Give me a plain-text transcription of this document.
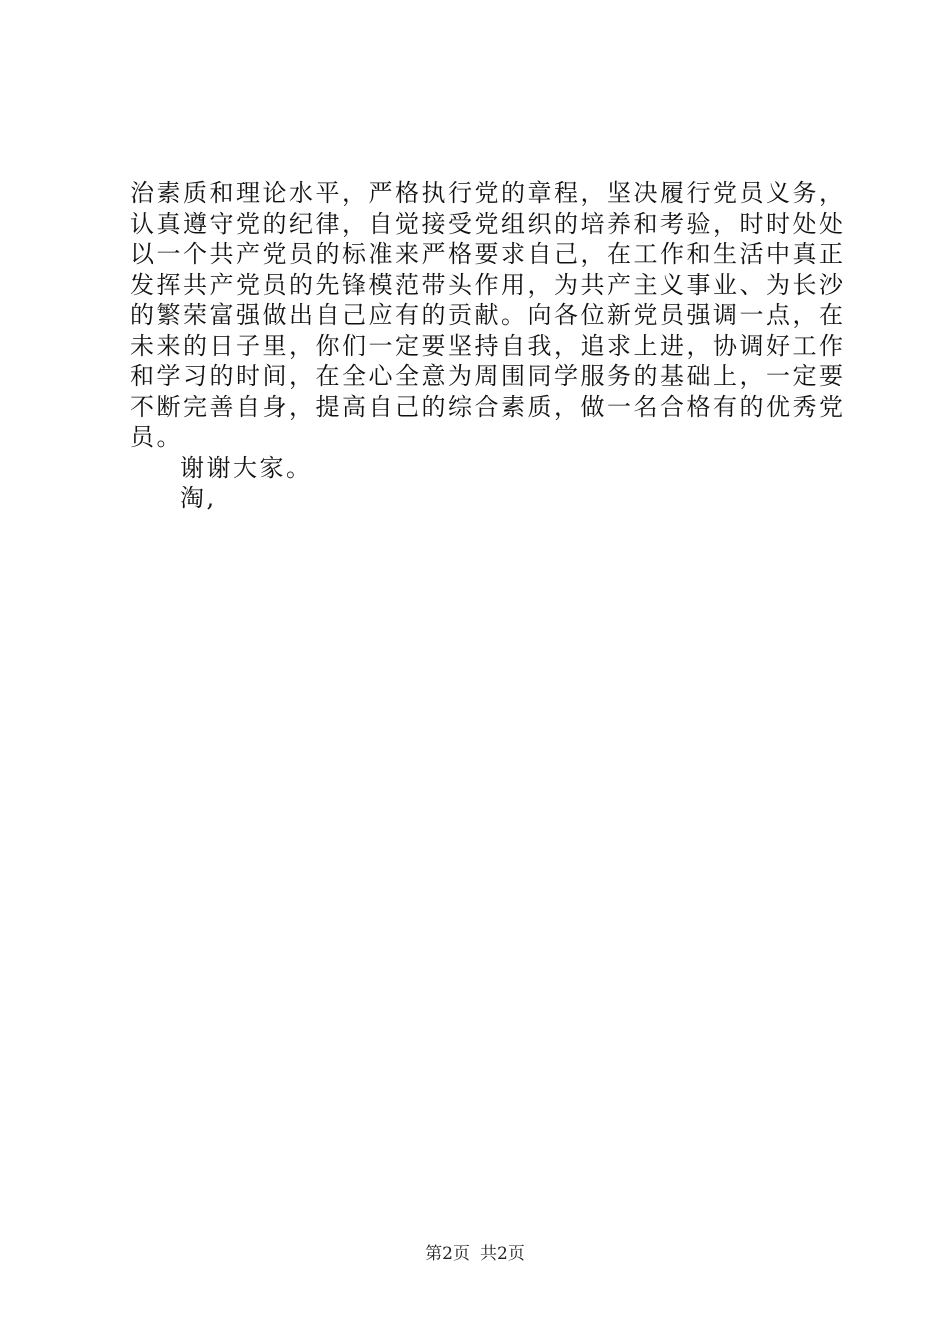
治素质和理论水平，严格执行党的章程，坚决履行党员义务，
认真遵守党的纪律，自觉接受党组织的培养和考验，时时处处
以一个共产党员的标准来严格要求自己，在工作和生活中真正
发挥共产党员的先锋模范带头作用，为共产主义事业、为长沙
的繁荣富强做出自己应有的贡献。向各位新党员强调一点，在
未来的日子里，你们一定要坚持自我，追求上进，协调好工作
和学习的时间，在全心全意为周围同学服务的基础上，一定要
不断完善自身，提高自己的综合素质，做一名合格有的优秀党
员。
谢谢大家。
淘,
第2页 共2页
